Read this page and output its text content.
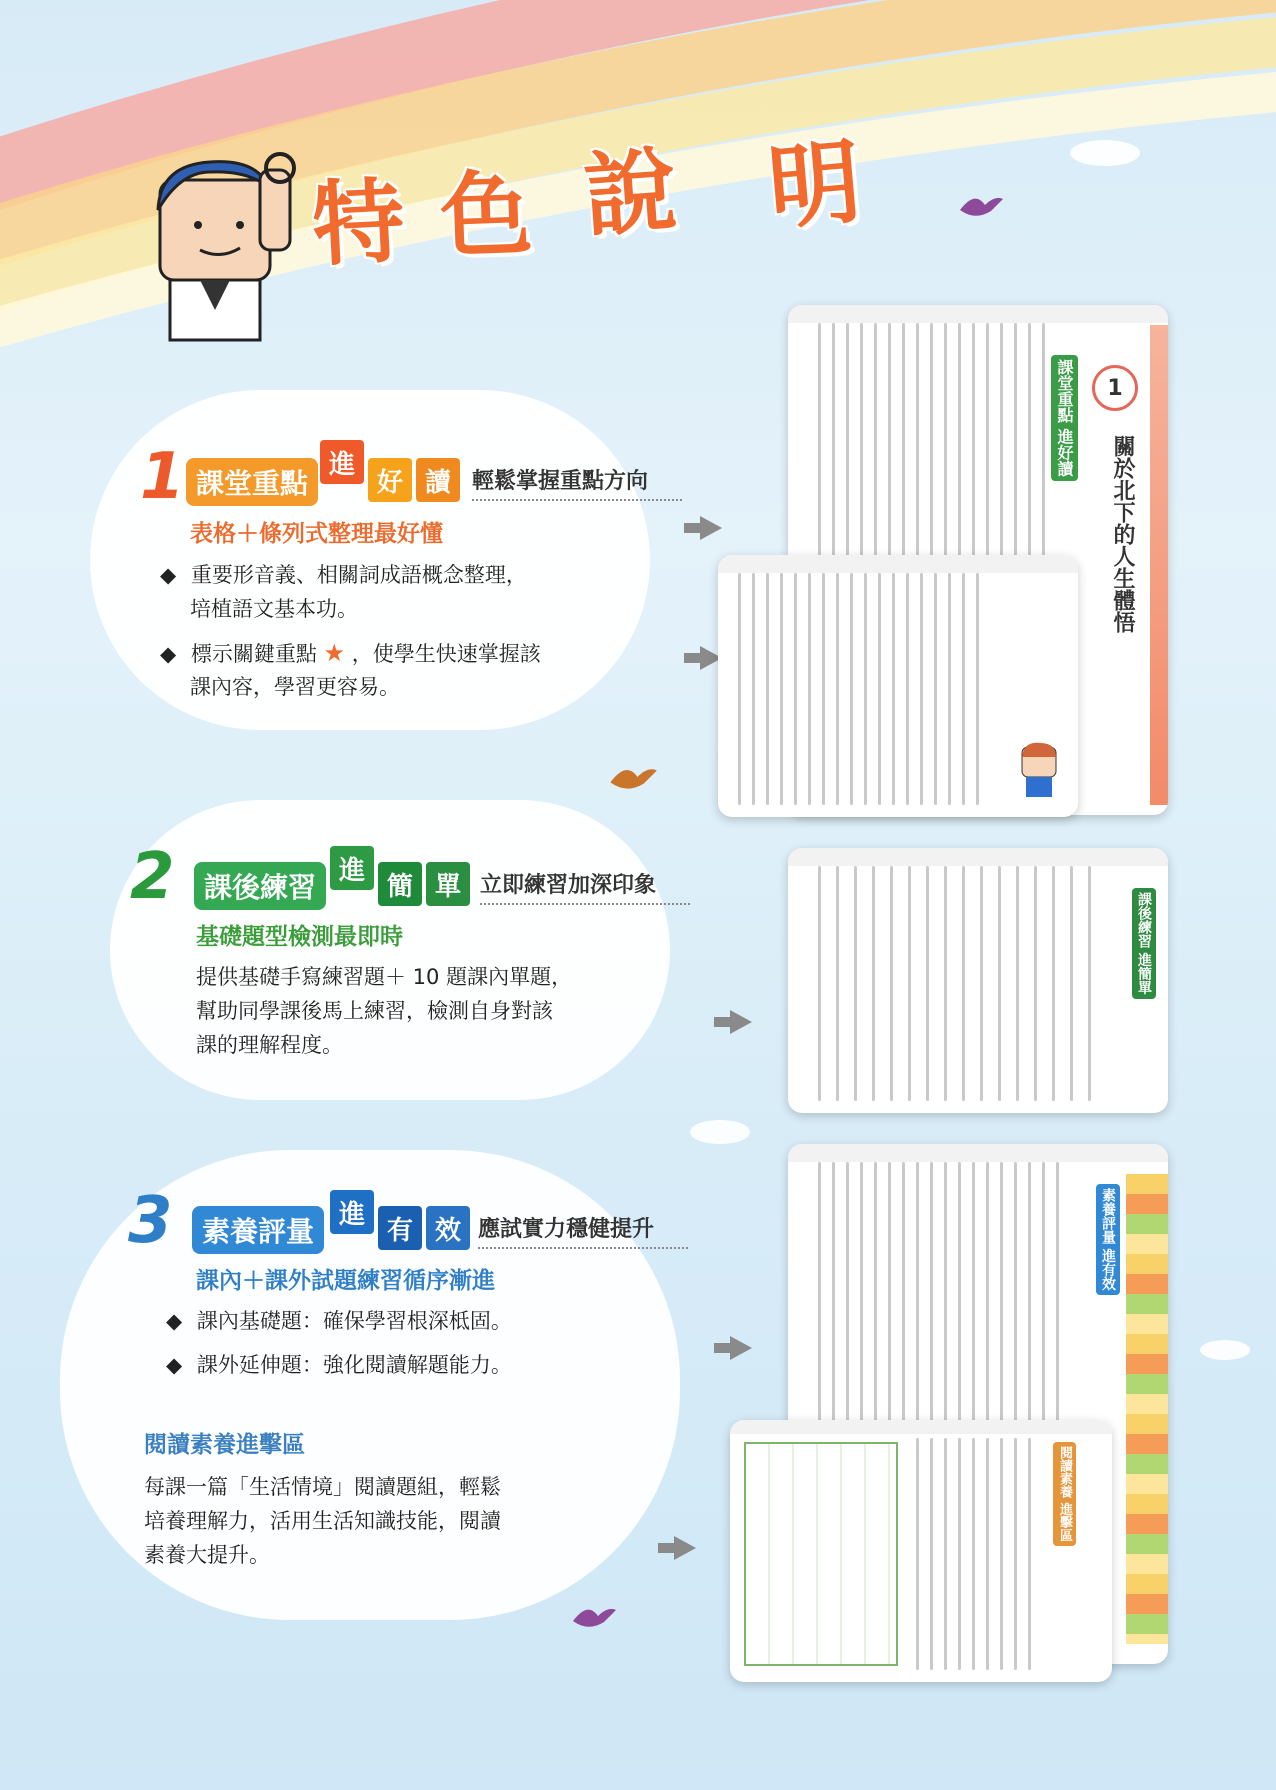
特 色 說 明
1 課堂重點
進
好 讀 輕鬆掌握重點方向
表格＋條列式整理最好懂
◆ 重要形音義、相關詞成語概念整理，
培植語文基本功。
◆ 標示關鍵重點 ★ ，使學生快速掌握該
課內容，學習更容易。
1
關於北下的人生體悟
課堂重點 進好讀
2	課後練習
進
簡 單 立即練習加深印象
基礎題型檢測最即時
提供基礎手寫練習題＋ 10 題課內單題，
幫助同學課後馬上練習，檢測自身對該
課的理解程度。
課後練習 進簡單
3	素養評量
進
有 效 應試實力穩健提升
課內＋課外試題練習循序漸進
◆ 課內基礎題：確保學習根深柢固。
◆ 課外延伸題：強化閱讀解題能力。
閱讀素養進擊區
每課一篇「生活情境」閱讀題組，輕鬆
培養理解力，活用生活知識技能，閱讀
素養大提升。
素養評量 進有效
閱讀素養 進擊區
